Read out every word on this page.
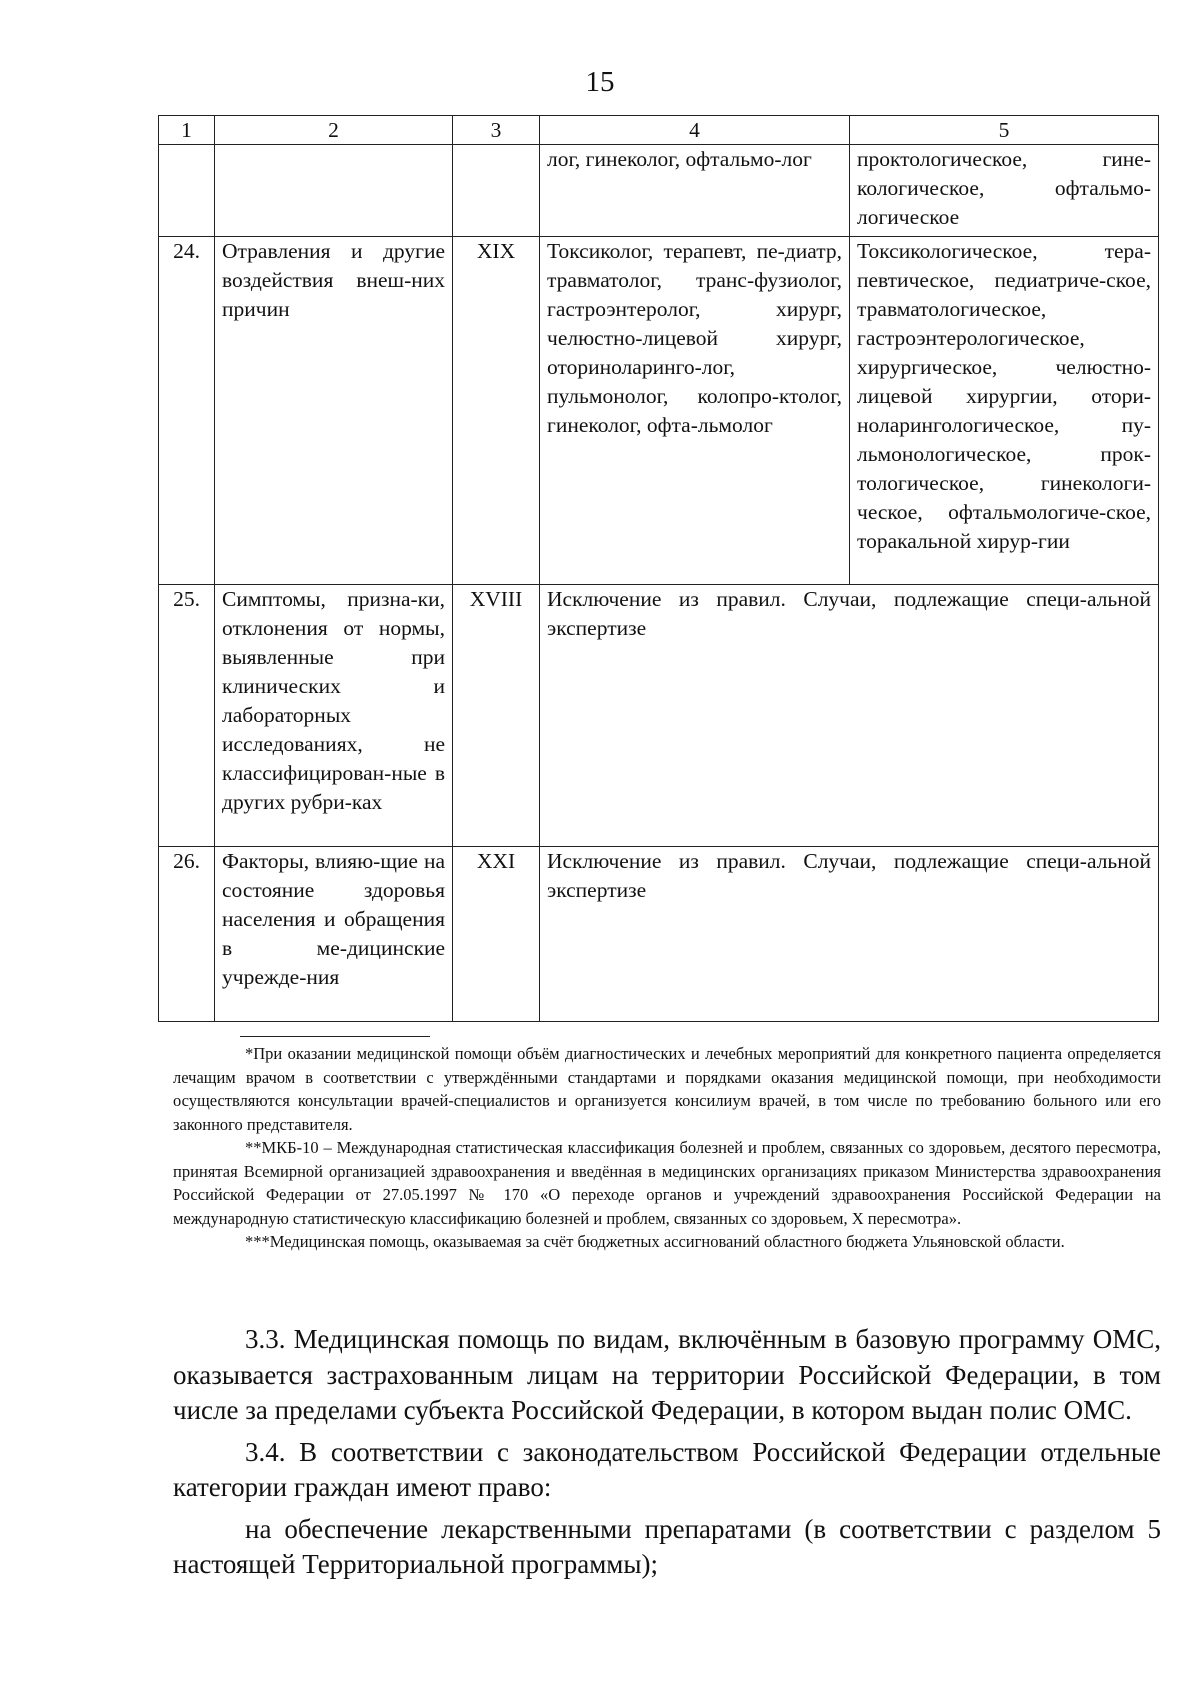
15
1	2	3	4	5
			лог, гинеколог, офтальмо-лог	проктологическое, гине-кологическое, офтальмо-логическое
24.	Отравления и другие воздействия внеш-них причин	XIX	Токсиколог, терапевт, пе-диатр, травматолог, транс-фузиолог, гастроэнтеролог, хирург, челюстно-лицевой хирург, оториноларинго-лог, пульмонолог, колопро-ктолог, гинеколог, офта-льмолог	Токсикологическое, тера-певтическое, педиатриче-ское, травматологическое, гастроэнтерологическое, хирургическое, челюстно-лицевой хирургии, отори-ноларингологическое, пу-льмонологическое, прок-тологическое, гинекологи-ческое, офтальмологиче-ское, торакальной хирур-гии
25.	Симптомы, призна-ки, отклонения от нормы, выявленные при клинических и лабораторных исследованиях, не классифицирован-ные в других рубри-ках	XVIII	Исключение из правил. Случаи, подлежащие специ-альной экспертизе	
26.	Факторы, влияю-щие на состояние здоровья населения и обращения в ме-дицинские учрежде-ния	XXI	Исключение из правил. Случаи, подлежащие специ-альной экспертизе	

*При оказании медицинской помощи объём диагностических и лечебных мероприятий для конкретного пациента определяется лечащим врачом в соответствии с утверждёнными стандартами и порядками оказания медицинской помощи, при необходимости осуществляются консультации врачей-специалистов и организуется консилиум врачей, в том числе по требованию больного или его законного представителя.

**МКБ-10 – Международная статистическая классификация болезней и проблем, связанных со здоровьем, десятого пересмотра, принятая Всемирной организацией здравоохранения и введённая в медицинских организациях приказом Министерства здравоохранения Российской Федерации от 27.05.1997 № 170 «О переходе органов и учреждений здравоохранения Российской Федерации на международную статистическую классификацию болезней и проблем, связанных со здоровьем, X пересмотра».

***Медицинская помощь, оказываемая за счёт бюджетных ассигнований областного бюджета Ульяновской области.

3.3. Медицинская помощь по видам, включённым в базовую программу ОМС, оказывается застрахованным лицам на территории Российской Федерации, в том числе за пределами субъекта Российской Федерации, в котором выдан полис ОМС.

3.4. В соответствии с законодательством Российской Федерации отдельные категории граждан имеют право:

на обеспечение лекарственными препаратами (в соответствии с разделом 5 настоящей Территориальной программы);
